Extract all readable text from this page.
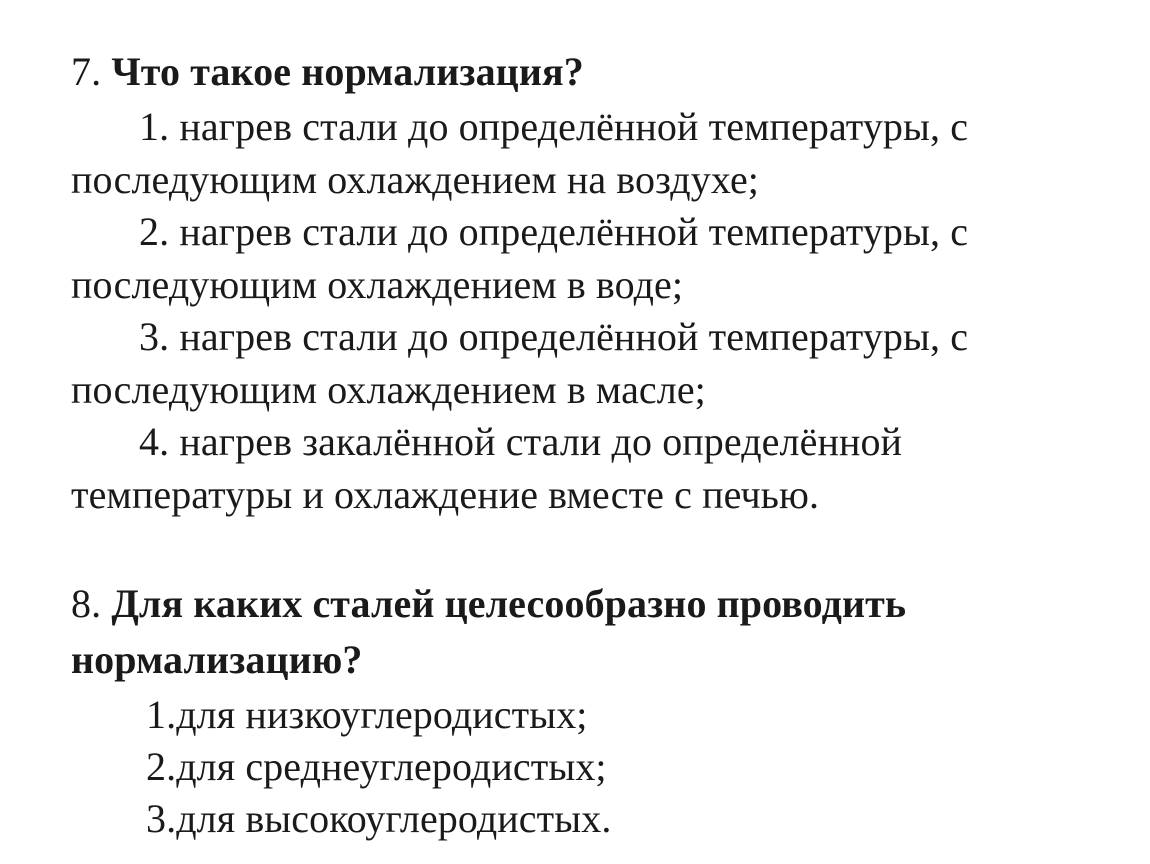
7. Что такое нормализация?
1. нагрев стали до определённой температуры, с
последующим охлаждением на воздухе;
2. нагрев стали до определённой температуры, с
последующим охлаждением в воде;
3. нагрев стали до определённой температуры, с
последующим охлаждением в масле;
4. нагрев закалённой стали до определённой
температуры и охлаждение вместе с печью.
8. Для каких сталей целесообразно проводить
нормализацию?
1.для низкоуглеродистых;
2.для среднеуглеродистых;
3.для высокоуглеродистых.
